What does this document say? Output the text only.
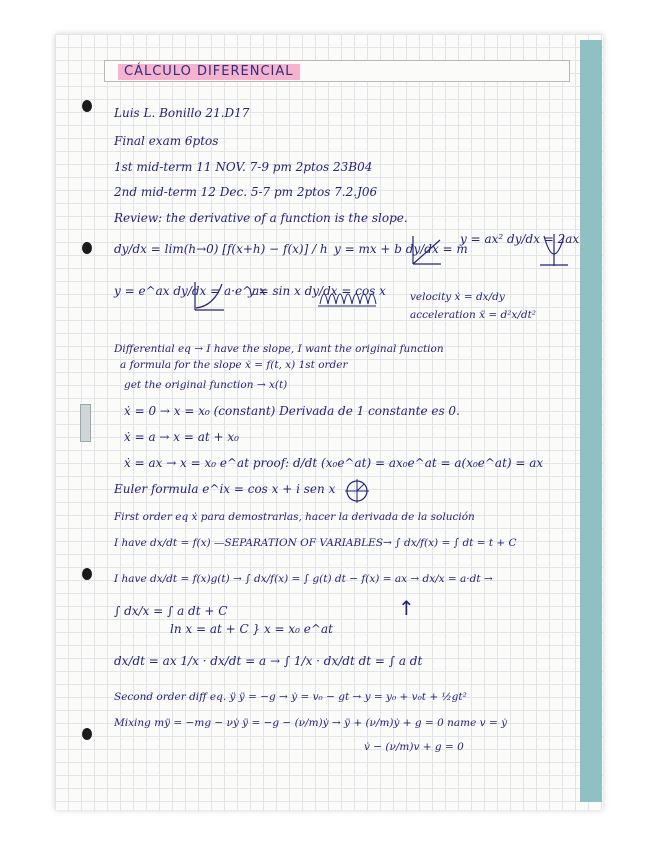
CÁLCULO DIFERENCIAL
Luis L. Bonillo 21.D17
Final exam 6ptos
1st mid-term 11 NOV. 7-9 pm 2ptos 23B04
2nd mid-term 12 Dec. 5-7 pm 2ptos 7.2.J06
Review: the derivative of a function is the slope.
dy/dx = lim(h→0) [f(x+h) − f(x)] / h y = mx + b dy/dx = m
y = ax² dy/dx = 2ax
y = e^ax dy/dx = a·e^ax
y = sin x dy/dx = cos x velocity ẋ = dx/dy
acceleration ẍ = d²x/dt²
Differential eq → I have the slope, I want the original function
a formula for the slope ẋ = f(t, x) 1st order
get the original function → x(t)
ẋ = 0 → x = x₀ (constant) Derivada de 1 constante es 0.
ẋ = a → x = at + x₀
ẋ = ax → x = x₀ e^at proof: d/dt (x₀e^at) = ax₀e^at = a(x₀e^at) = ax
Euler formula e^ix = cos x + i sen x
First order eq ẋ para demostrarlas, hacer la derivada de la solución
I have dx/dt = f(x) —SEPARATION OF VARIABLES→ ∫ dx/f(x) = ∫ dt = t + C
I have dx/dt = f(x)g(t) → ∫ dx/f(x) = ∫ g(t) dt − f(x) = ax → dx/x = a·dt →
∫ dx/x = ∫ a dt + C
ln x = at + C } x = x₀ e^at
↑
dx/dt = ax 1/x · dx/dt = a → ∫ 1/x · dx/dt dt = ∫ a dt
Second order diff eq. ÿ ÿ = −g → ẏ = v₀ − gt → y = y₀ + v₀t + ½gt²
Mixing mÿ = −mg − νẏ ÿ = −g − (ν/m)ẏ → ÿ + (ν/m)ẏ + g = 0 name v = ẏ
v̇ − (ν/m)v + g = 0
